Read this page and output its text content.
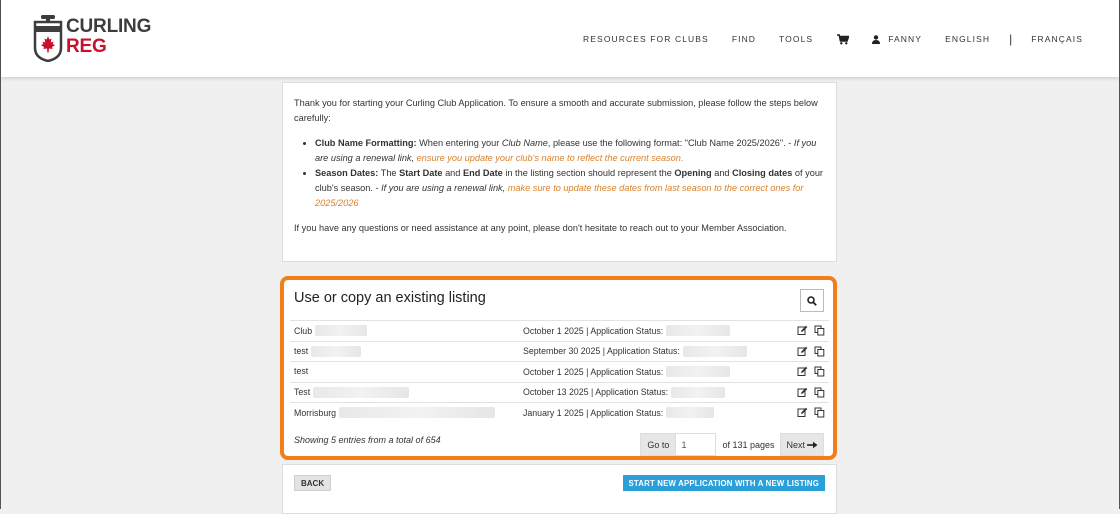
CURLING
REG	RESOURCES FOR CLUBS	FIND	TOOLS	FANNY	ENGLISH | FRANÇAIS

Thank you for starting your Curling Club Application. To ensure a smooth and accurate submission, please follow the steps below carefully:

• Club Name Formatting: When entering your Club Name, please use the following format: "Club Name 2025/2026". - If you are using a renewal link, ensure you update your club's name to reflect the current season.
• Season Dates: The Start Date and End Date in the listing section should represent the Opening and Closing dates of your club's season. - If you are using a renewal link, make sure to update these dates from last season to the correct ones for 2025/2026

If you have any questions or need assistance at any point, please don't hesitate to reach out to your Member Association.

Use or copy an existing listing
Club	October 1 2025 | Application Status:
test	September 30 2025 | Application Status:
test	October 1 2025 | Application Status:
Test	October 13 2025 | Application Status:
Morrisburg	January 1 2025 | Application Status:
Showing 5 entries from a total of 654	Go to
1	of 131 pages Next
BACK	START NEW APPLICATION WITH A NEW LISTING
